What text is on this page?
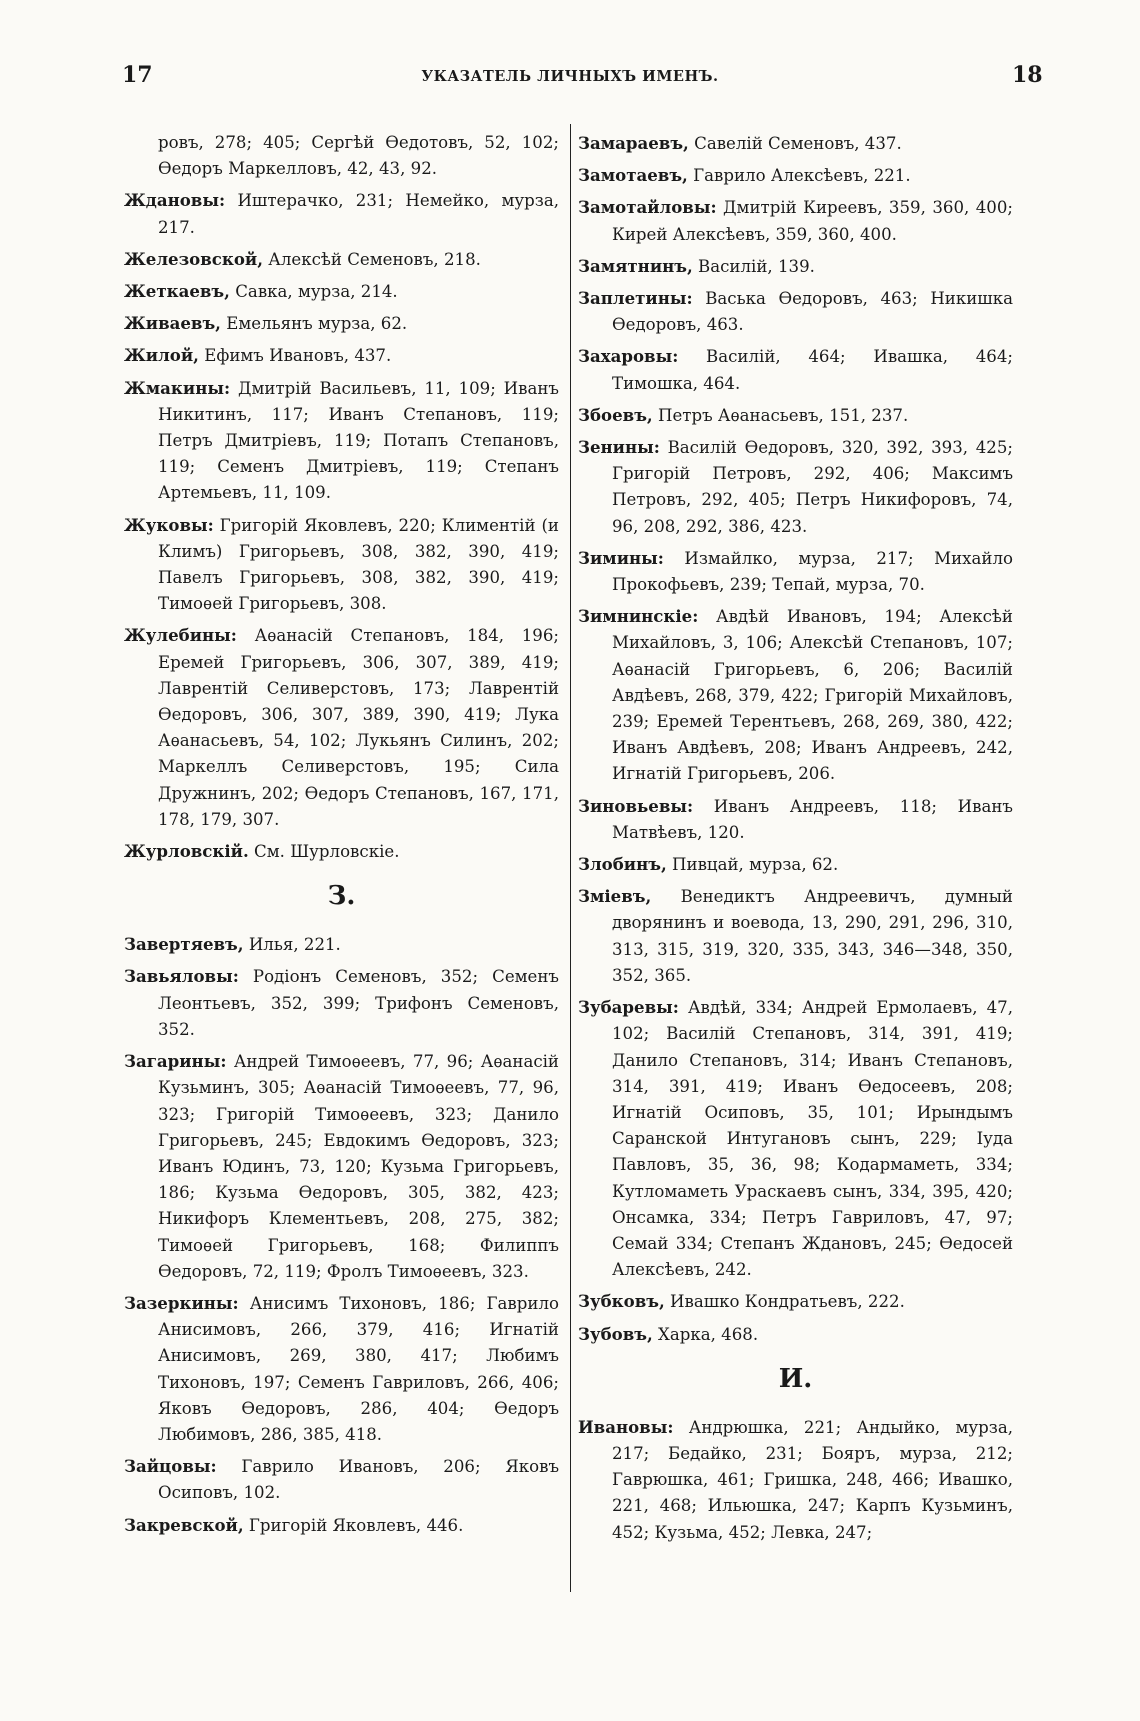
17	УКАЗАТЕЛЬ ЛИЧНЫХЪ ИМЕНЪ.	18
ровъ, 278; 405; Сергѣй Ѳедотовъ, 52, 102; Ѳедоръ Маркелловъ, 42, 43, 92.
Ждановы: Иштерачко, 231; Немейко, мурза, 217.
Железовской, Алексѣй Семеновъ, 218.
Жеткаевъ, Савка, мурза, 214.
Живаевъ, Емельянъ мурза, 62.
Жилой, Ефимъ Ивановъ, 437.
Жмакины: Дмитрій Васильевъ, 11, 109; Иванъ Никитинъ, 117; Иванъ Степановъ, 119; Петръ Дмитріевъ, 119; Потапъ Степановъ, 119; Семенъ Дмитріевъ, 119; Степанъ Артемьевъ, 11, 109.
Жуковы: Григорій Яковлевъ, 220; Климентій (и Климъ) Григорьевъ, 308, 382, 390, 419; Павелъ Григорьевъ, 308, 382, 390, 419; Тимоѳей Григорьевъ, 308.
Жулебины: Аѳанасій Степановъ, 184, 196; Еремей Григорьевъ, 306, 307, 389, 419; Лаврентій Селиверстовъ, 173; Лаврентій Ѳедоровъ, 306, 307, 389, 390, 419; Лука Аѳанасьевъ, 54, 102; Лукьянъ Силинъ, 202; Маркеллъ Селиверстовъ, 195; Сила Дружнинъ, 202; Ѳедоръ Степановъ, 167, 171, 178, 179, 307.
Журловскій. См. Шурловскіе.
З.
Завертяевъ, Илья, 221.
Завьяловы: Родіонъ Семеновъ, 352; Семенъ Леонтьевъ, 352, 399; Трифонъ Семеновъ, 352.
Загарины: Андрей Тимоѳеевъ, 77, 96; Аѳанасій Кузьминъ, 305; Аѳанасій Тимоѳеевъ, 77, 96, 323; Григорій Тимоѳеевъ, 323; Данило Григорьевъ, 245; Евдокимъ Ѳедоровъ, 323; Иванъ Юдинъ, 73, 120; Кузьма Григорьевъ, 186; Кузьма Ѳедоровъ, 305, 382, 423; Никифоръ Клементьевъ, 208, 275, 382; Тимоѳей Григорьевъ, 168; Филиппъ Ѳедоровъ, 72, 119; Фролъ Тимоѳеевъ, 323.
Зазеркины: Анисимъ Тихоновъ, 186; Гаврило Анисимовъ, 266, 379, 416; Игнатій Анисимовъ, 269, 380, 417; Любимъ Тихоновъ, 197; Семенъ Гавриловъ, 266, 406; Яковъ Ѳедоровъ, 286, 404; Ѳедоръ Любимовъ, 286, 385, 418.
Зайцовы: Гаврило Ивановъ, 206; Яковъ Осиповъ, 102.
Закревской, Григорій Яковлевъ, 446.
Замараевъ, Савелій Семеновъ, 437.
Замотаевъ, Гаврило Алексѣевъ, 221.
Замотайловы: Дмитрій Киреевъ, 359, 360, 400; Кирей Алексѣевъ, 359, 360, 400.
Замятнинъ, Василій, 139.
Заплетины: Васька Ѳедоровъ, 463; Никишка Ѳедоровъ, 463.
Захаровы: Василій, 464; Ивашка, 464; Тимошка, 464.
Збоевъ, Петръ Аѳанасьевъ, 151, 237.
Зенины: Василій Ѳедоровъ, 320, 392, 393, 425; Григорій Петровъ, 292, 406; Максимъ Петровъ, 292, 405; Петръ Никифоровъ, 74, 96, 208, 292, 386, 423.
Зимины: Измайлко, мурза, 217; Михайло Прокофьевъ, 239; Тепай, мурза, 70.
Зимнинскіе: Авдѣй Ивановъ, 194; Алексѣй Михайловъ, 3, 106; Алексѣй Степановъ, 107; Аѳанасій Григорьевъ, 6, 206; Василій Авдѣевъ, 268, 379, 422; Григорій Михайловъ, 239; Еремей Терентьевъ, 268, 269, 380, 422; Иванъ Авдѣевъ, 208; Иванъ Андреевъ, 242, Игнатій Григорьевъ, 206.
Зиновьевы: Иванъ Андреевъ, 118; Иванъ Матвѣевъ, 120.
Злобинъ, Пивцай, мурза, 62.
Зміевъ, Венедиктъ Андреевичъ, думный дворянинъ и воевода, 13, 290, 291, 296, 310, 313, 315, 319, 320, 335, 343, 346—348, 350, 352, 365.
Зубаревы: Авдѣй, 334; Андрей Ермолаевъ, 47, 102; Василій Степановъ, 314, 391, 419; Данило Степановъ, 314; Иванъ Степановъ, 314, 391, 419; Иванъ Ѳедосеевъ, 208; Игнатій Осиповъ, 35, 101; Ирындымъ Саранской Интугановъ сынъ, 229; Іуда Павловъ, 35, 36, 98; Кодармаметь, 334; Кутломаметь Ураскаевъ сынъ, 334, 395, 420; Онсамка, 334; Петръ Гавриловъ, 47, 97; Семай 334; Степанъ Ждановъ, 245; Ѳедосей Алексѣевъ, 242.
Зубковъ, Ивашко Кондратьевъ, 222.
Зубовъ, Харка, 468.
И.
Ивановы: Андрюшка, 221; Андыйко, мурза, 217; Бедайко, 231; Бояръ, мурза, 212; Гаврюшка, 461; Гришка, 248, 466; Ивашко, 221, 468; Ильюшка, 247; Карпъ Кузьминъ, 452; Кузьма, 452; Левка, 247;
